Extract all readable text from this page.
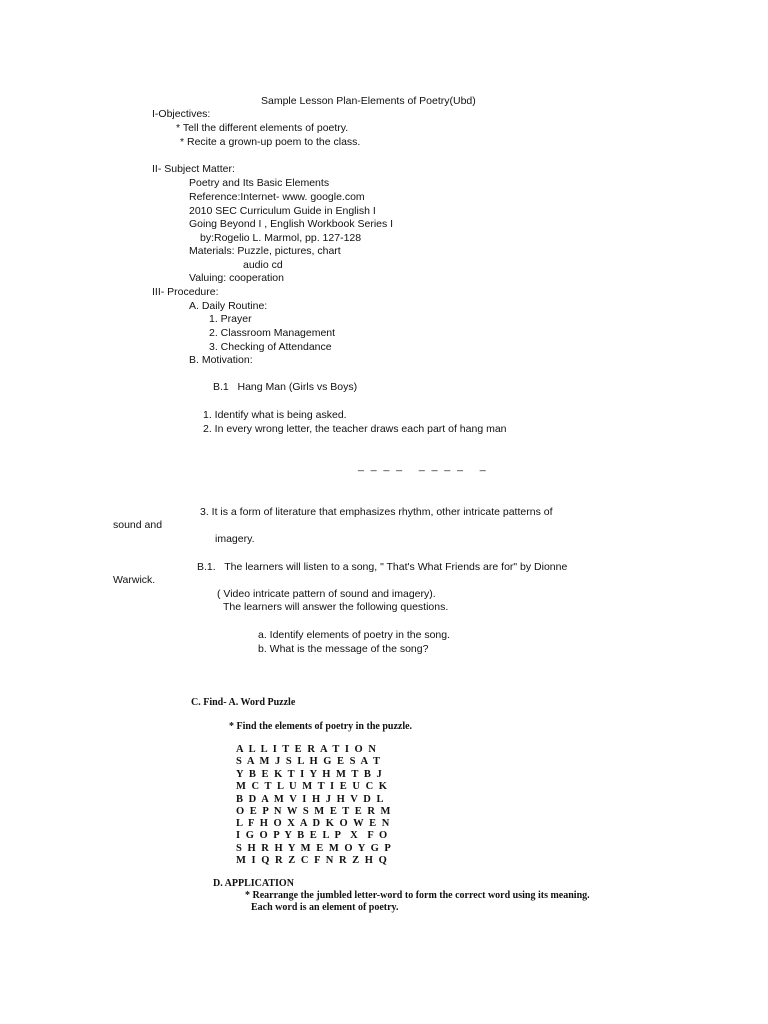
Sample Lesson Plan-Elements of Poetry(Ubd)
I-Objectives:
* Tell the different elements of poetry.
* Recite a grown-up poem to the class.
II- Subject Matter:
Poetry and Its Basic Elements
Reference:Internet- www. google.com
2010 SEC Curriculum Guide in English I
Going Beyond I , English Workbook Series I
by:Rogelio L. Marmol, pp. 127-128
Materials: Puzzle, pictures, chart
audio cd
Valuing: cooperation
III- Procedure:
A. Daily Routine:
1. Prayer
2. Classroom Management
3. Checking of Attendance
B. Motivation:
B.1   Hang Man (Girls vs Boys)
1. Identify what is being asked.
2. In every wrong letter, the teacher draws each part of hang man
_ _ _ _   _ _ _ _   _
3. It is a form of literature that emphasizes rhythm, other intricate patterns of
sound and
imagery.
B.1.   The learners will listen to a song, " That's What Friends are for" by Dionne
Warwick.
( Video intricate pattern of sound and imagery).
The learners will answer the following questions.
a. Identify elements of poetry in the song.
b. What is the message of the song?
C. Find- A. Word Puzzle
* Find the elements of poetry in the puzzle.
A L L I T E R A T I O N
S A M J S L H G E S A T
Y B E K T I Y H M T B J
M C T L U M T I E U C K
B D A M V I H J H V D L
O E P N W S M E T E R M
L F H O X A D K O W E N
I G O P Y B E L P  X  F O
S H R H Y M E M O Y G P
M I Q R Z C F N R Z H Q
D. APPLICATION
* Rearrange the jumbled letter-word to form the correct word using its meaning.
Each word is an element of poetry.
